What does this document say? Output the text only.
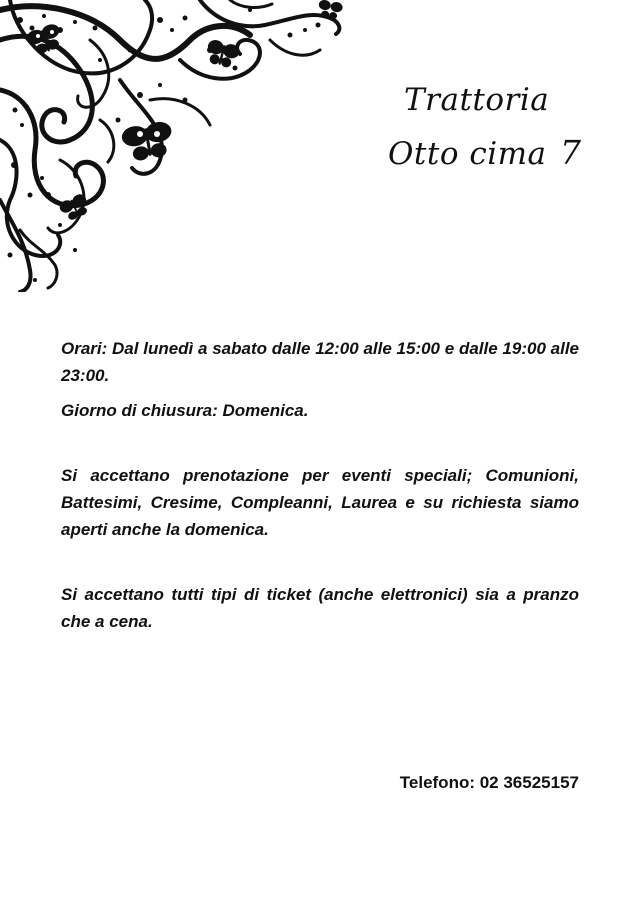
Trattoria
Otto cima 7

Orari: Dal lunedì a sabato dalle 12:00 alle 15:00 e dalle 19:00 alle 23:00.

Giorno di chiusura: Domenica.

Si accettano prenotazione per eventi speciali; Comunioni, Battesimi, Cresime, Compleanni, Laurea e su richiesta siamo aperti anche la domenica.

Si accettano tutti tipi di ticket (anche elettronici) sia a pranzo che a cena.

Telefono: 02 36525157
